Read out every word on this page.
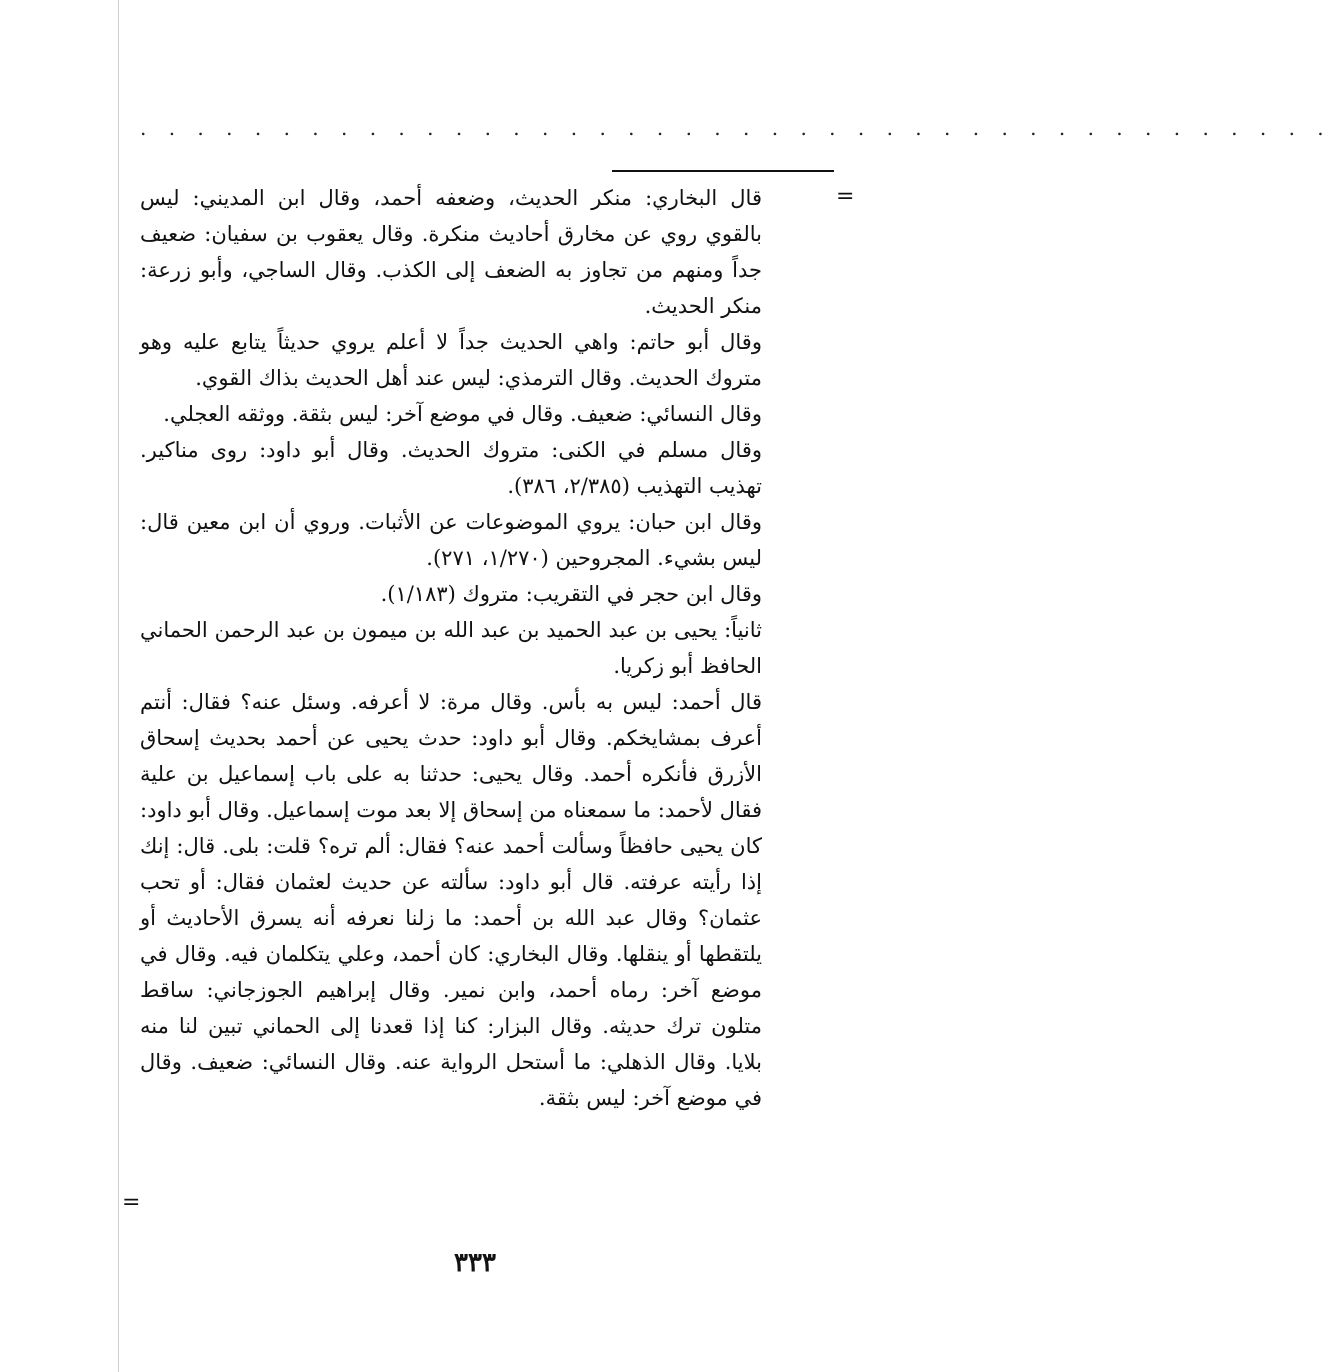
. . . . . . . . . . . . . . . . . . . . . . . . . . . . . . . . . . . . . . . . . .
=

قال البخاري: منكر الحديث، وضعفه أحمد، وقال ابن المديني: ليس بالقوي روي عن مخارق أحاديث منكرة. وقال يعقوب بن سفيان: ضعيف جداً ومنهم من تجاوز به الضعف إلى الكذب. وقال الساجي، وأبو زرعة: منكر الحديث.

وقال أبو حاتم: واهي الحديث جداً لا أعلم يروي حديثاً يتابع عليه وهو متروك الحديث. وقال الترمذي: ليس عند أهل الحديث بذاك القوي.

وقال النسائي: ضعيف. وقال في موضع آخر: ليس بثقة. ووثقه العجلي.

وقال مسلم في الكنى: متروك الحديث. وقال أبو داود: روى مناكير. تهذيب التهذيب (٢/٣٨٥، ٣٨٦).

وقال ابن حبان: يروي الموضوعات عن الأثبات. وروي أن ابن معين قال: ليس بشيء. المجروحين (١/٢٧٠، ٢٧١).

وقال ابن حجر في التقريب: متروك (١/١٨٣).

ثانياً: يحيى بن عبد الحميد بن عبد الله بن ميمون بن عبد الرحمن الحماني الحافظ أبو زكريا.

قال أحمد: ليس به بأس. وقال مرة: لا أعرفه. وسئل عنه؟ فقال: أنتم أعرف بمشايخكم. وقال أبو داود: حدث يحيى عن أحمد بحديث إسحاق الأزرق فأنكره أحمد. وقال يحيى: حدثنا به على باب إسماعيل بن علية فقال لأحمد: ما سمعناه من إسحاق إلا بعد موت إسماعيل. وقال أبو داود: كان يحيى حافظاً وسألت أحمد عنه؟ فقال: ألم تره؟ قلت: بلى. قال: إنك إذا رأيته عرفته. قال أبو داود: سألته عن حديث لعثمان فقال: أو تحب عثمان؟ وقال عبد الله بن أحمد: ما زلنا نعرفه أنه يسرق الأحاديث أو يلتقطها أو ينقلها. وقال البخاري: كان أحمد، وعلي يتكلمان فيه. وقال في موضع آخر: رماه أحمد، وابن نمير. وقال إبراهيم الجوزجاني: ساقط متلون ترك حديثه. وقال البزار: كنا إذا قعدنا إلى الحماني تبين لنا منه بلايا. وقال الذهلي: ما أستحل الرواية عنه. وقال النسائي: ضعيف. وقال في موضع آخر: ليس بثقة.

=
٣٣٣
